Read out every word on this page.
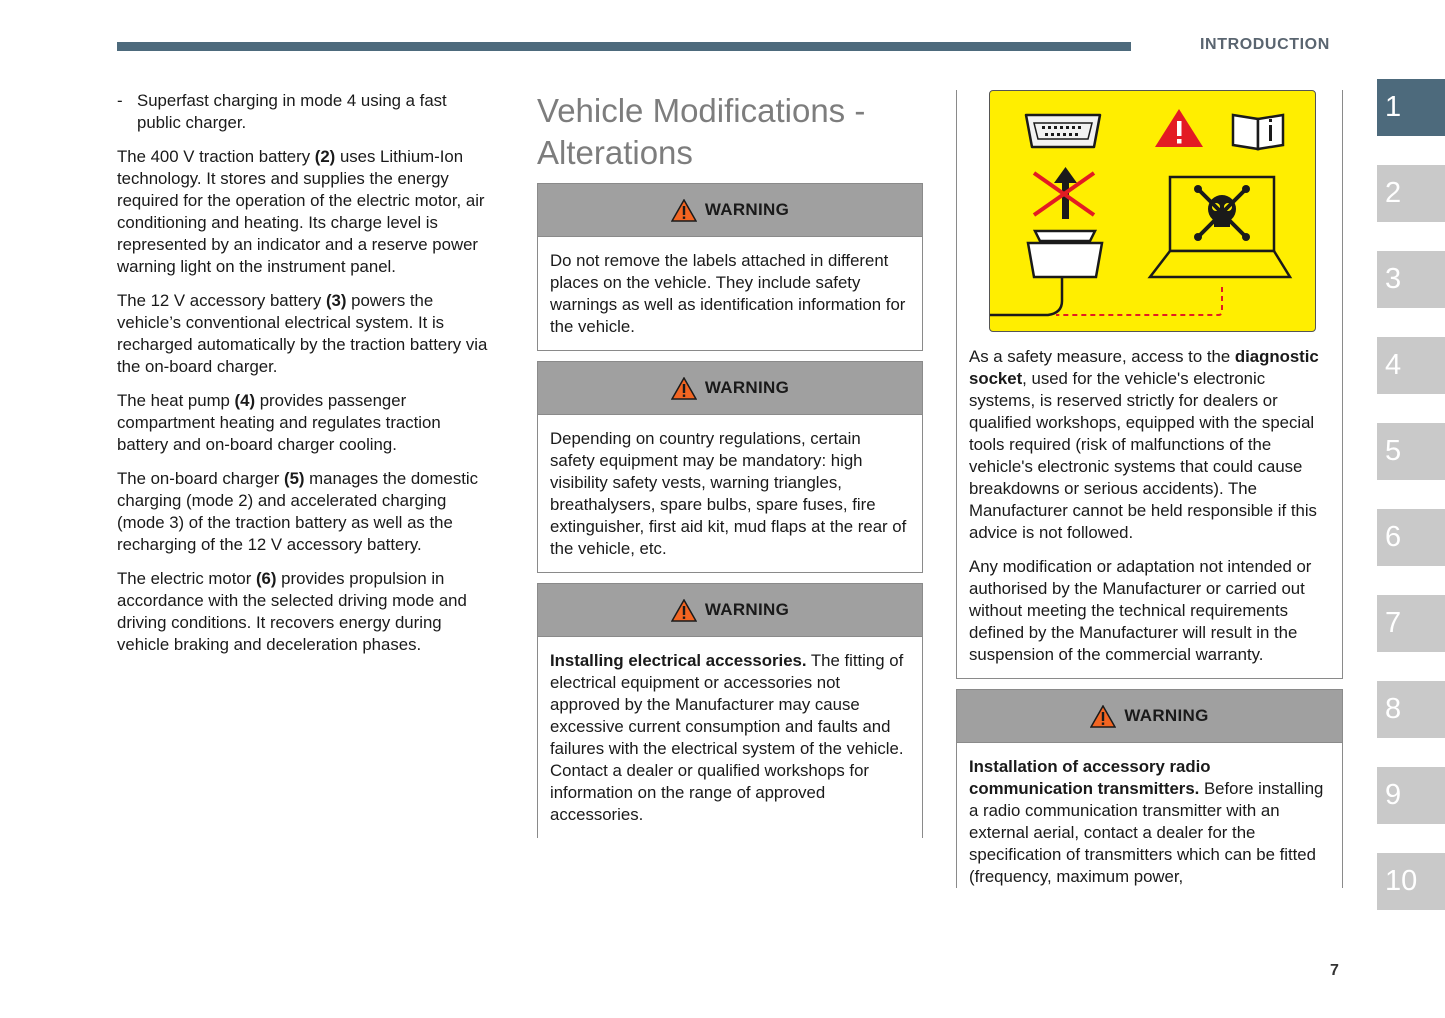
INTRODUCTION
1
2
3
4
5
6
7
8
9
10
- Superfast charging in mode 4 using a fast public charger.

The 400 V traction battery (2) uses Lithium-Ion technology. It stores and supplies the energy required for the operation of the electric motor, air conditioning and heating. Its charge level is represented by an indicator and a reserve power warning light on the instrument panel.

The 12 V accessory battery (3) powers the vehicle’s conventional electrical system. It is recharged automatically by the traction battery via the on-board charger.

The heat pump (4) provides passenger compartment heating and regulates traction battery and on-board charger cooling.

The on-board charger (5) manages the domestic charging (mode 2) and accelerated charging (mode 3) of the traction battery as well as the recharging of the 12 V accessory battery.

The electric motor (6) provides propulsion in accordance with the selected driving mode and driving conditions. It recovers energy during vehicle braking and deceleration phases.

Vehicle Modifications - Alterations
WARNING
Do not remove the labels attached in different places on the vehicle. They include safety warnings as well as identification information for the vehicle.
WARNING
Depending on country regulations, certain safety equipment may be mandatory: high visibility safety vests, warning triangles, breathalysers, spare bulbs, spare fuses, fire extinguisher, first aid kit, mud flaps at the rear of the vehicle, etc.
WARNING
Installing electrical accessories. The fitting of electrical equipment or accessories not approved by the Manufacturer may cause excessive current consumption and faults and failures with the electrical system of the vehicle. Contact a dealer or qualified workshops for information on the range of approved accessories.

As a safety measure, access to the diagnostic socket, used for the vehicle's electronic systems, is reserved strictly for dealers or qualified workshops, equipped with the special tools required (risk of malfunctions of the vehicle's electronic systems that could cause breakdowns or serious accidents). The Manufacturer cannot be held responsible if this advice is not followed.

Any modification or adaptation not intended or authorised by the Manufacturer or carried out without meeting the technical requirements defined by the Manufacturer will result in the suspension of the commercial warranty.

WARNING
Installation of accessory radio communication transmitters. Before installing a radio communication transmitter with an external aerial, contact a dealer for the specification of transmitters which can be fitted (frequency, maximum power,
7
